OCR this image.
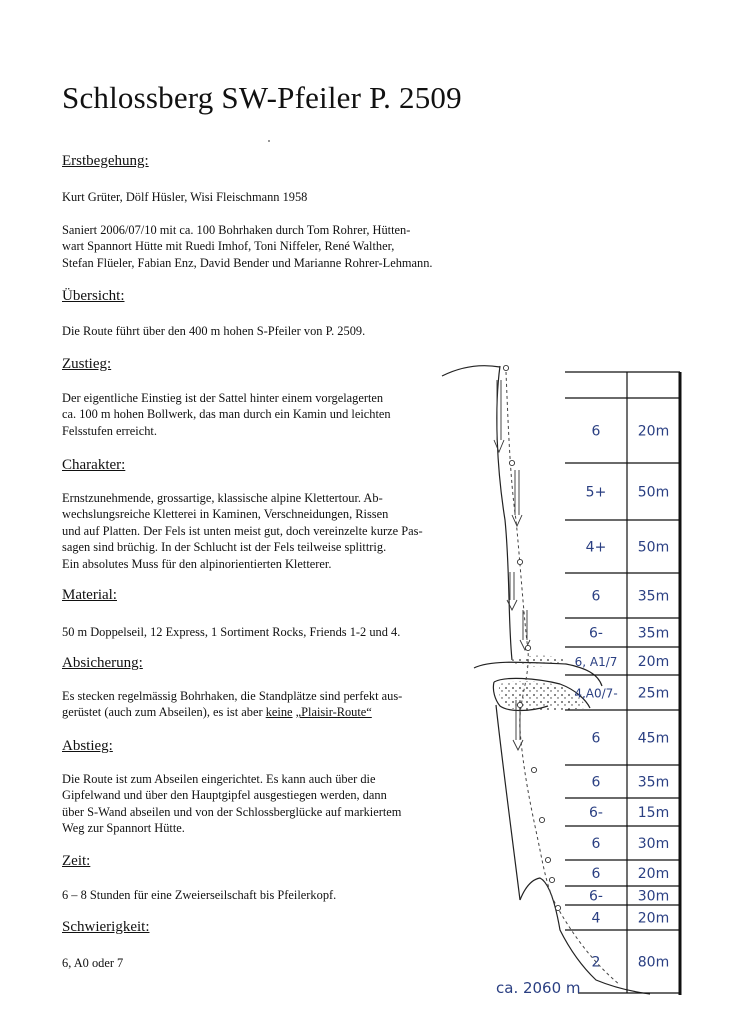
Schlossberg SW-Pfeiler P. 2509
Erstbegehung:
Kurt Grüter, Dölf Hüsler, Wisi Fleischmann 1958
Saniert 2006/07/10 mit ca. 100 Bohrhaken durch Tom Rohrer, Hütten-
wart Spannort Hütte mit Ruedi Imhof, Toni Niffeler, René Walther,
Stefan Flüeler, Fabian Enz, David Bender und Marianne Rohrer-Lehmann.
Übersicht:
Die Route führt über den 400 m hohen S-Pfeiler von P. 2509.
Zustieg:
Der eigentliche Einstieg ist der Sattel hinter einem vorgelagerten
ca. 100 m hohen Bollwerk, das man durch ein Kamin und leichten
Felsstufen erreicht.
Charakter:
Ernstzunehmende, grossartige, klassische alpine Klettertour. Ab-
wechslungsreiche Kletterei in Kaminen, Verschneidungen, Rissen
und auf Platten. Der Fels ist unten meist gut, doch vereinzelte kurze Pas-
sagen sind brüchig. In der Schlucht ist der Fels teilweise splittrig.
Ein absolutes Muss für den alpinorientierten Kletterer.
Material:
50 m Doppelseil, 12 Express, 1 Sortiment Rocks, Friends 1-2 und 4.
Absicherung:
Es stecken regelmässig Bohrhaken, die Standplätze sind perfekt aus-
gerüstet (auch zum Abseilen), es ist aber keine „Plaisir-Route“
Abstieg:
Die Route ist zum Abseilen eingerichtet. Es kann auch über die
Gipfelwand und über den Hauptgipfel ausgestiegen werden, dann
über S-Wand abseilen und von der Schlossberglücke auf markiertem
Weg zur Spannort Hütte.
Zeit:
6 – 8 Stunden für eine Zweierseilschaft bis Pfeilerkopf.
Schwierigkeit:
6, A0 oder 7
6	20m
5+ 50m
4+ 50m
6	35m
6- 35m
6, A1/7 20m
4,A0/7- 25m
6	45m
6	35m
6- 15m
6	30m
6	20m
6- 30m
4	20m
2	80m
ca. 2060 m
